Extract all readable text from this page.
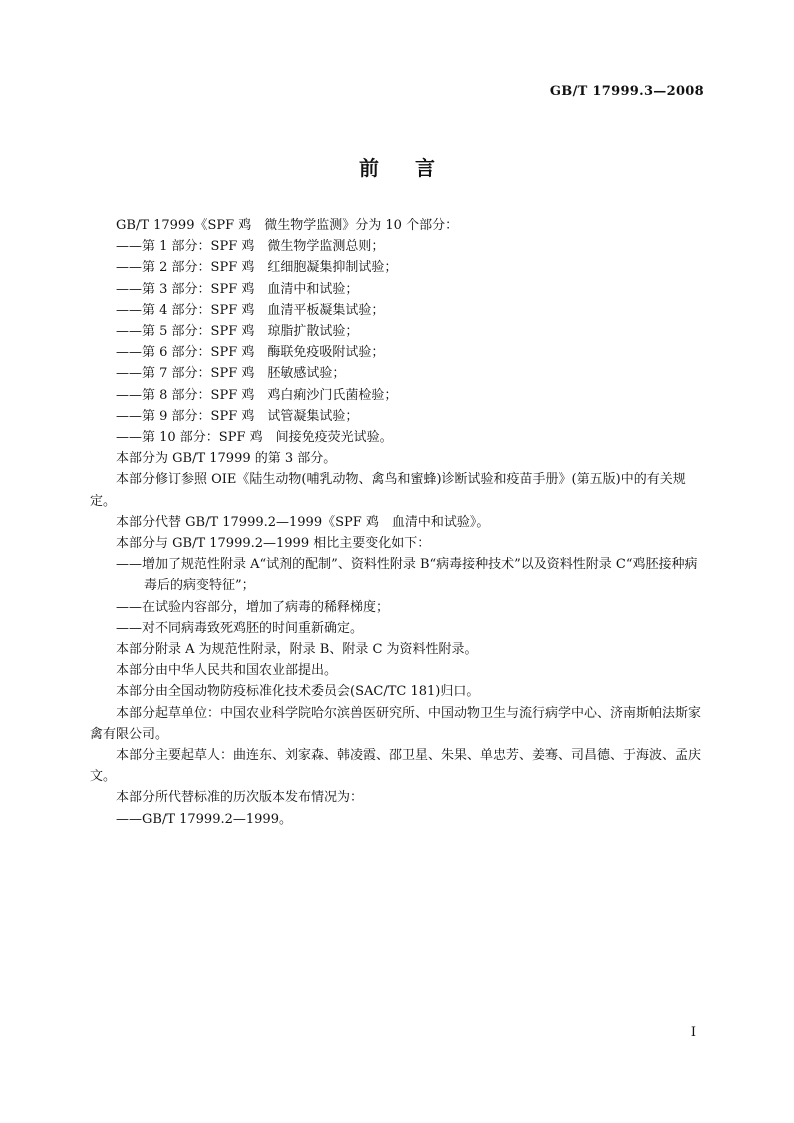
GB/T 17999.3—2008
前言

GB/T 17999《SPF 鸡　微生物学监测》分为 10 个部分：

——第 1 部分：SPF 鸡　微生物学监测总则；

——第 2 部分：SPF 鸡　红细胞凝集抑制试验；

——第 3 部分：SPF 鸡　血清中和试验；

——第 4 部分：SPF 鸡　血清平板凝集试验；

——第 5 部分：SPF 鸡　琼脂扩散试验；

——第 6 部分：SPF 鸡　酶联免疫吸附试验；

——第 7 部分：SPF 鸡　胚敏感试验；

——第 8 部分：SPF 鸡　鸡白痢沙门氏菌检验；

——第 9 部分：SPF 鸡　试管凝集试验；

——第 10 部分：SPF 鸡　间接免疫荧光试验。

本部分为 GB/T 17999 的第 3 部分。

本部分修订参照 OIE《陆生动物(哺乳动物、禽鸟和蜜蜂)诊断试验和疫苗手册》(第五版)中的有关规定。

本部分代替 GB/T 17999.2—1999《SPF 鸡　血清中和试验》。

本部分与 GB/T 17999.2—1999 相比主要变化如下：

——增加了规范性附录 A“试剂的配制”、资料性附录 B“病毒接种技术”以及资料性附录 C“鸡胚接种病毒后的病变特征”；

——在试验内容部分，增加了病毒的稀释梯度；

——对不同病毒致死鸡胚的时间重新确定。

本部分附录 A 为规范性附录，附录 B、附录 C 为资料性附录。

本部分由中华人民共和国农业部提出。

本部分由全国动物防疫标准化技术委员会(SAC/TC 181)归口。

本部分起草单位：中国农业科学院哈尔滨兽医研究所、中国动物卫生与流行病学中心、济南斯帕法斯家禽有限公司。

本部分主要起草人：曲连东、刘家森、韩凌霞、邵卫星、朱果、单忠芳、姜骞、司昌德、于海波、孟庆文。

本部分所代替标准的历次版本发布情况为：

——GB/T 17999.2—1999。

I
